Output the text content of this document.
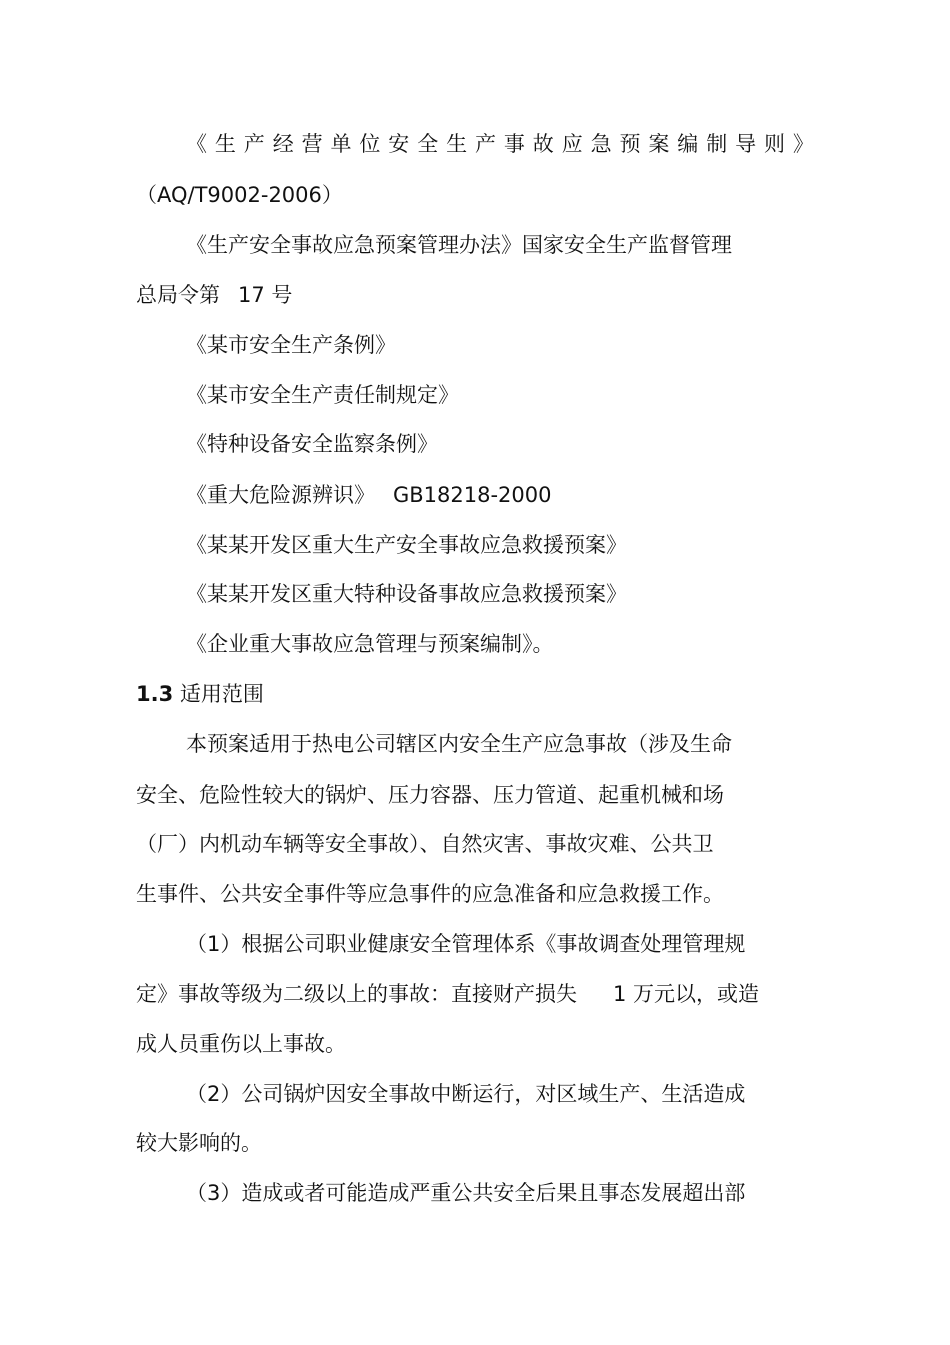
《生产经营单位安全生产事故应急预案编制导则》

（AQ/T9002-2006）

《生产安全事故应急预案管理办法》国家安全生产监督管理

总局令第 17 号

《某市安全生产条例》

《某市安全生产责任制规定》

《特种设备安全监察条例》

《重大危险源辨识》 GB18218-2000

《某某开发区重大生产安全事故应急救援预案》

《某某开发区重大特种设备事故应急救援预案》

《企业重大事故应急管理与预案编制》。

1.3 适用范围

本预案适用于热电公司辖区内安全生产应急事故（涉及生命

安全、危险性较大的锅炉、压力容器、压力管道、起重机械和场

（厂）内机动车辆等安全事故）、自然灾害、事故灾难、公共卫

生事件、公共安全事件等应急事件的应急准备和应急救援工作。

（1）根据公司职业健康安全管理体系《事故调查处理管理规

定》事故等级为二级以上的事故：直接财产损失 1 万元以，或造

成人员重伤以上事故。

（2）公司锅炉因安全事故中断运行，对区域生产、生活造成

较大影响的。

（3）造成或者可能造成严重公共安全后果且事态发展超出部
